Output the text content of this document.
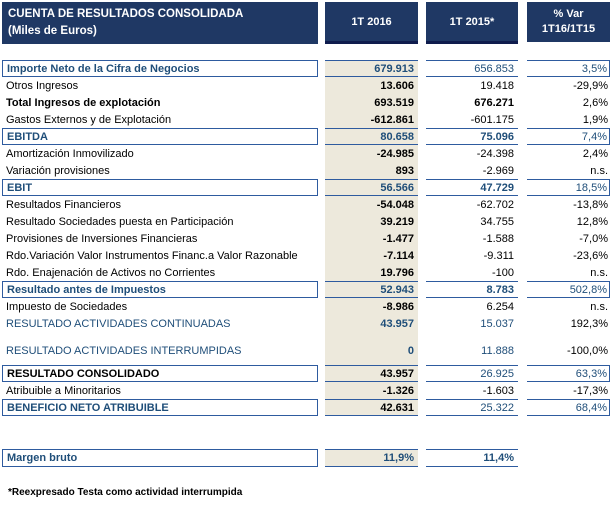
CUENTA DE RESULTADOS CONSOLIDADA
(Miles de Euros)
1T 2016	1T 2015*
% Var
1T16/1T15
Importe Neto de la Cifra de Negocios	679.913	656.853	3,5%
Otros Ingresos	13.606	19.418	-29,9%
Total Ingresos de explotación	693.519	676.271	2,6%
Gastos Externos y de Explotación	-612.861	-601.175	1,9%
EBITDA	80.658	75.096	7,4%
Amortización Inmovilizado	-24.985	-24.398	2,4%
Variación provisiones	893	-2.969	n.s.
EBIT	56.566	47.729	18,5%
Resultados Financieros	-54.048	-62.702	-13,8%
Resultado Sociedades puesta en Participación	39.219	34.755	12,8%
Provisiones de Inversiones Financieras	-1.477	-1.588	-7,0%
Rdo.Variación Valor Instrumentos Financ.a Valor Razonable	-7.114	-9.311	-23,6%
Rdo. Enajenación de Activos no Corrientes	19.796	-100	n.s.
Resultado antes de Impuestos	52.943	8.783	502,8%
Impuesto de Sociedades	-8.986	6.254	n.s.
RESULTADO ACTIVIDADES CONTINUADAS	43.957	15.037	192,3%
RESULTADO ACTIVIDADES INTERRUMPIDAS	0	11.888	-100,0%
RESULTADO CONSOLIDADO	43.957	26.925	63,3%
Atribuible a Minoritarios	-1.326	-1.603	-17,3%
BENEFICIO NETO ATRIBUIBLE	42.631	25.322	68,4%
Margen bruto	11,9%	11,4%
*Reexpresado Testa como actividad interrumpida
